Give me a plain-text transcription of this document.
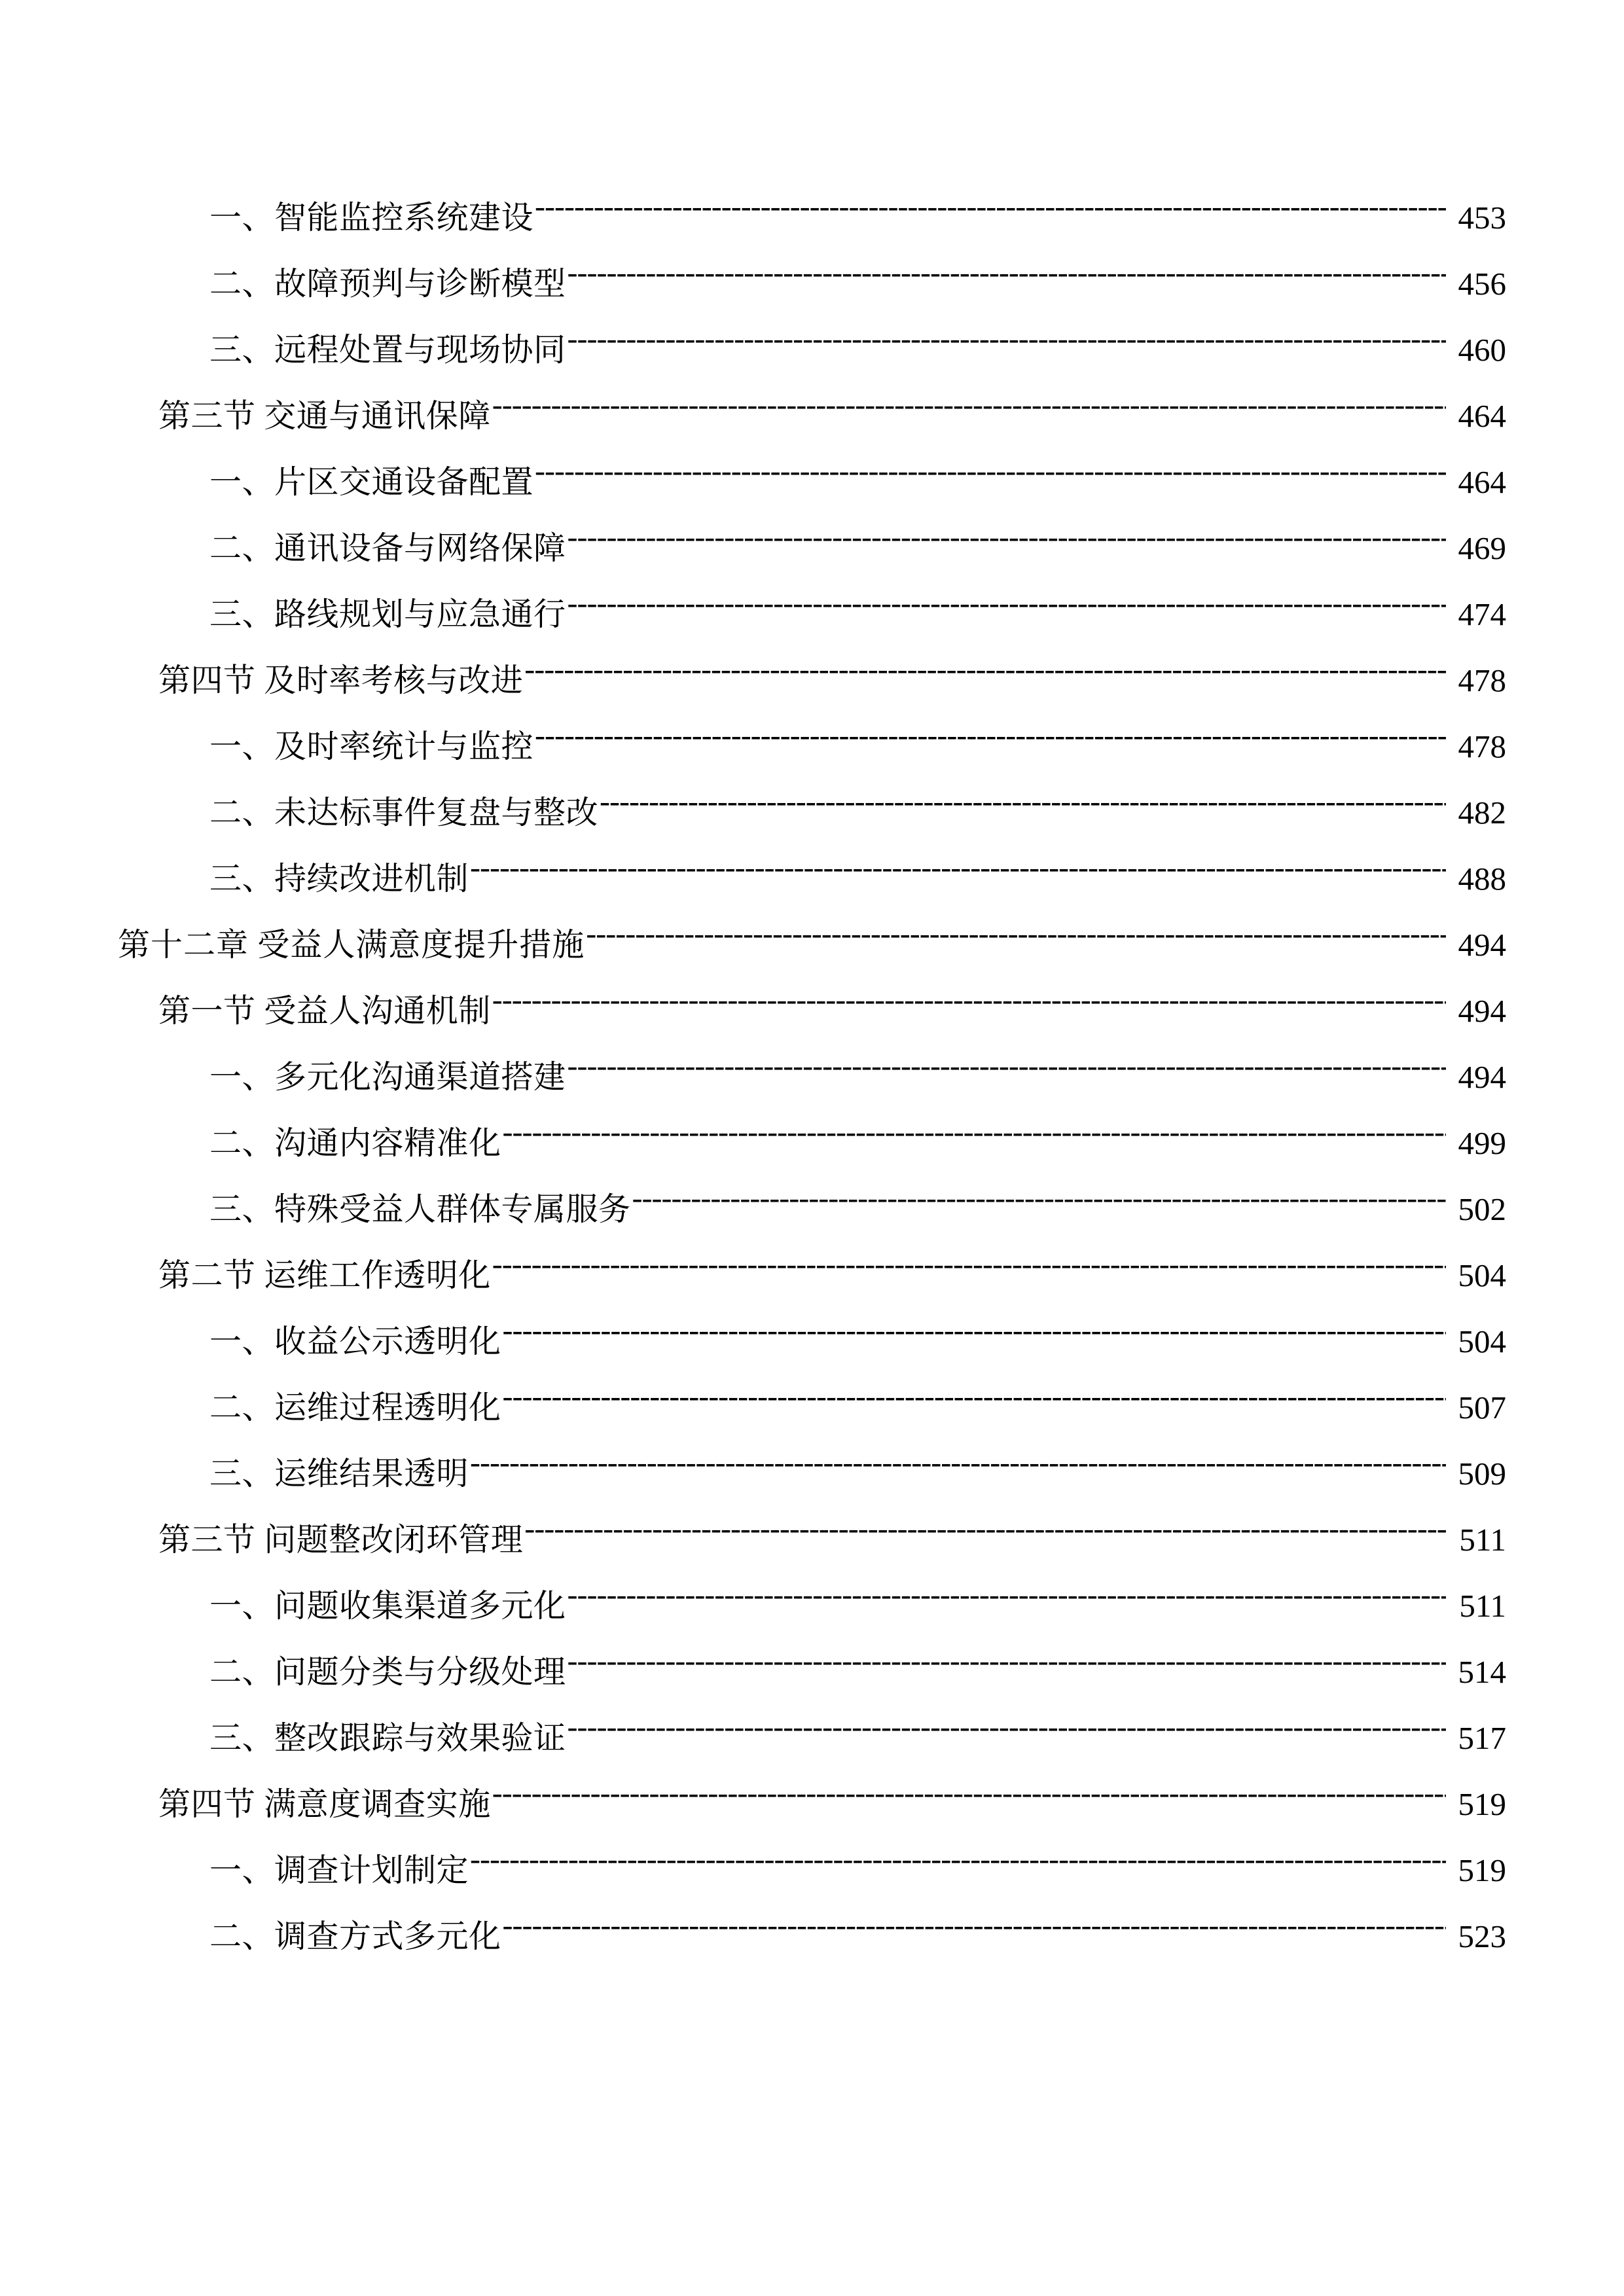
一、智能监控系统建设 -----	453
二、故障预判与诊断模型 -----	456
三、远程处置与现场协同 -----	460
第三节 交通与通讯保障 -----	464
一、片区交通设备配置 -----	464
二、通讯设备与网络保障 -----	469
三、路线规划与应急通行 -----	474
第四节 及时率考核与改进 -----	478
一、及时率统计与监控 -----	478
二、未达标事件复盘与整改 -----	482
三、持续改进机制 -----	488
第十二章 受益人满意度提升措施 -----	494
第一节 受益人沟通机制 -----	494
一、多元化沟通渠道搭建 -----	494
二、沟通内容精准化 -----	499
三、特殊受益人群体专属服务 -----	502
第二节 运维工作透明化 -----	504
一、收益公示透明化 -----	504
二、运维过程透明化 -----	507
三、运维结果透明 -----	509
第三节 问题整改闭环管理 -----	511
一、问题收集渠道多元化 -----	511
二、问题分类与分级处理 -----	514
三、整改跟踪与效果验证 -----	517
第四节 满意度调查实施 -----	519
一、调查计划制定 -----	519
二、调查方式多元化 -----	523
